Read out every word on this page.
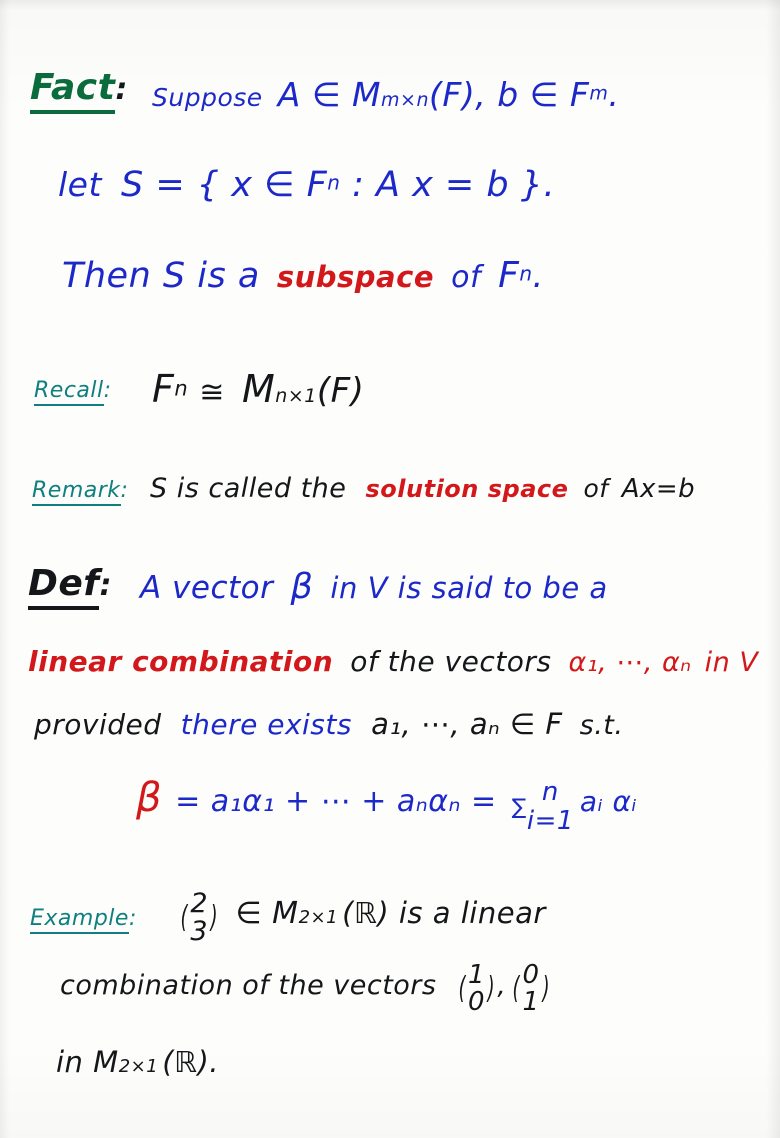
Fact: Suppose A ∈ Mm×n(F), b ∈ Fm.
let S = { x ∈ Fn : A x = b }.
Then S is a subspace of Fn.
Recall: Fn ≅ Mn×1(F)
Remark: S is called the solution space of Ax=b
Def: A vector β in V is said to be a
linear combination of the vectors α₁, ⋯, αₙ in V
provided there exists a₁, ⋯, aₙ ∈ F s.t.
β = a₁α₁ + ⋯ + aₙαₙ = ∑
n
i=1
aᵢ αᵢ
Example: ( 2
3 ) ∈ M2×1 (ℝ) is a linear
combination of the vectors ( 1
0 ) , ( 0
1 )
in M2×1 (ℝ).
